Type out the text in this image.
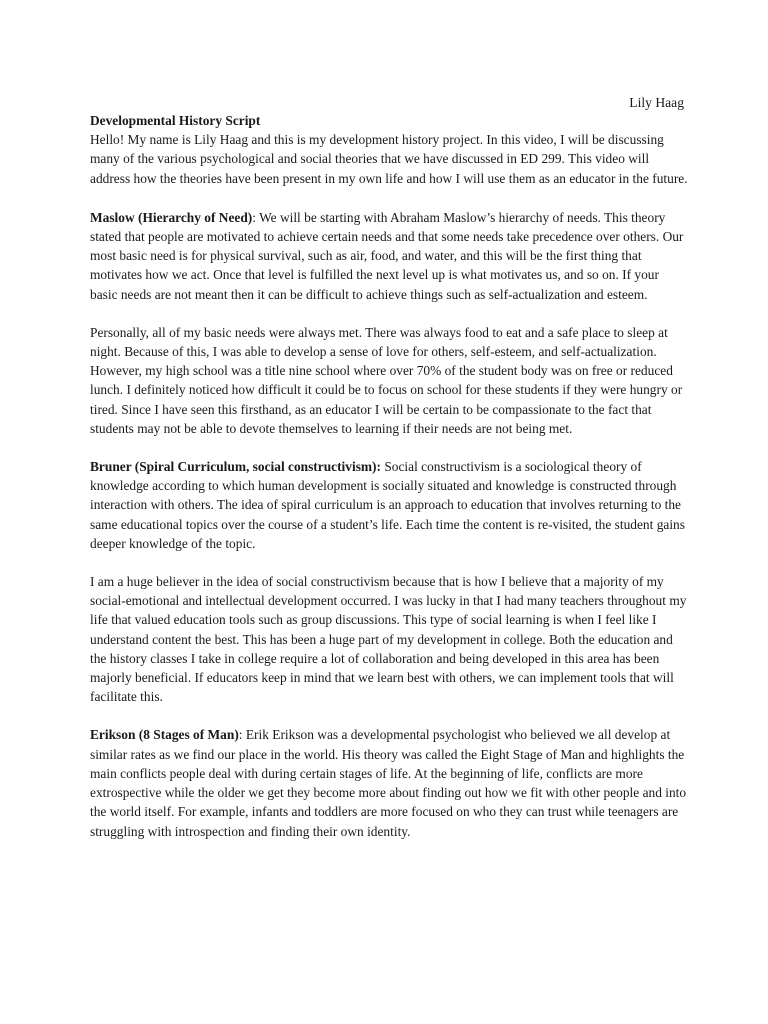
Lily Haag
Developmental History Script

Hello! My name is Lily Haag and this is my development history project. In this video, I will be discussing many of the various psychological and social theories that we have discussed in ED 299. This video will address how the theories have been present in my own life and how I will use them as an educator in the future.

Maslow (Hierarchy of Need): We will be starting with Abraham Maslow’s hierarchy of needs. This theory stated that people are motivated to achieve certain needs and that some needs take precedence over others. Our most basic need is for physical survival, such as air, food, and water, and this will be the first thing that motivates how we act. Once that level is fulfilled the next level up is what motivates us, and so on. If your basic needs are not meant then it can be difficult to achieve things such as self-actualization and esteem.

Personally, all of my basic needs were always met. There was always food to eat and a safe place to sleep at night. Because of this, I was able to develop a sense of love for others, self-esteem, and self-actualization. However, my high school was a title nine school where over 70% of the student body was on free or reduced lunch. I definitely noticed how difficult it could be to focus on school for these students if they were hungry or tired. Since I have seen this firsthand, as an educator I will be certain to be compassionate to the fact that students may not be able to devote themselves to learning if their needs are not being met.

Bruner (Spiral Curriculum, social constructivism): Social constructivism is a sociological theory of knowledge according to which human development is socially situated and knowledge is constructed through interaction with others. The idea of spiral curriculum is an approach to education that involves returning to the same educational topics over the course of a student’s life. Each time the content is re-visited, the student gains deeper knowledge of the topic.

I am a huge believer in the idea of social constructivism because that is how I believe that a majority of my social-emotional and intellectual development occurred. I was lucky in that I had many teachers throughout my life that valued education tools such as group discussions. This type of social learning is when I feel like I understand content the best. This has been a huge part of my development in college. Both the education and the history classes I take in college require a lot of collaboration and being developed in this area has been majorly beneficial. If educators keep in mind that we learn best with others, we can implement tools that will facilitate this.

Erikson (8 Stages of Man): Erik Erikson was a developmental psychologist who believed we all develop at similar rates as we find our place in the world. His theory was called the Eight Stage of Man and highlights the main conflicts people deal with during certain stages of life. At the beginning of life, conflicts are more extrospective while the older we get they become more about finding out how we fit with other people and into the world itself. For example, infants and toddlers are more focused on who they can trust while teenagers are struggling with introspection and finding their own identity.
